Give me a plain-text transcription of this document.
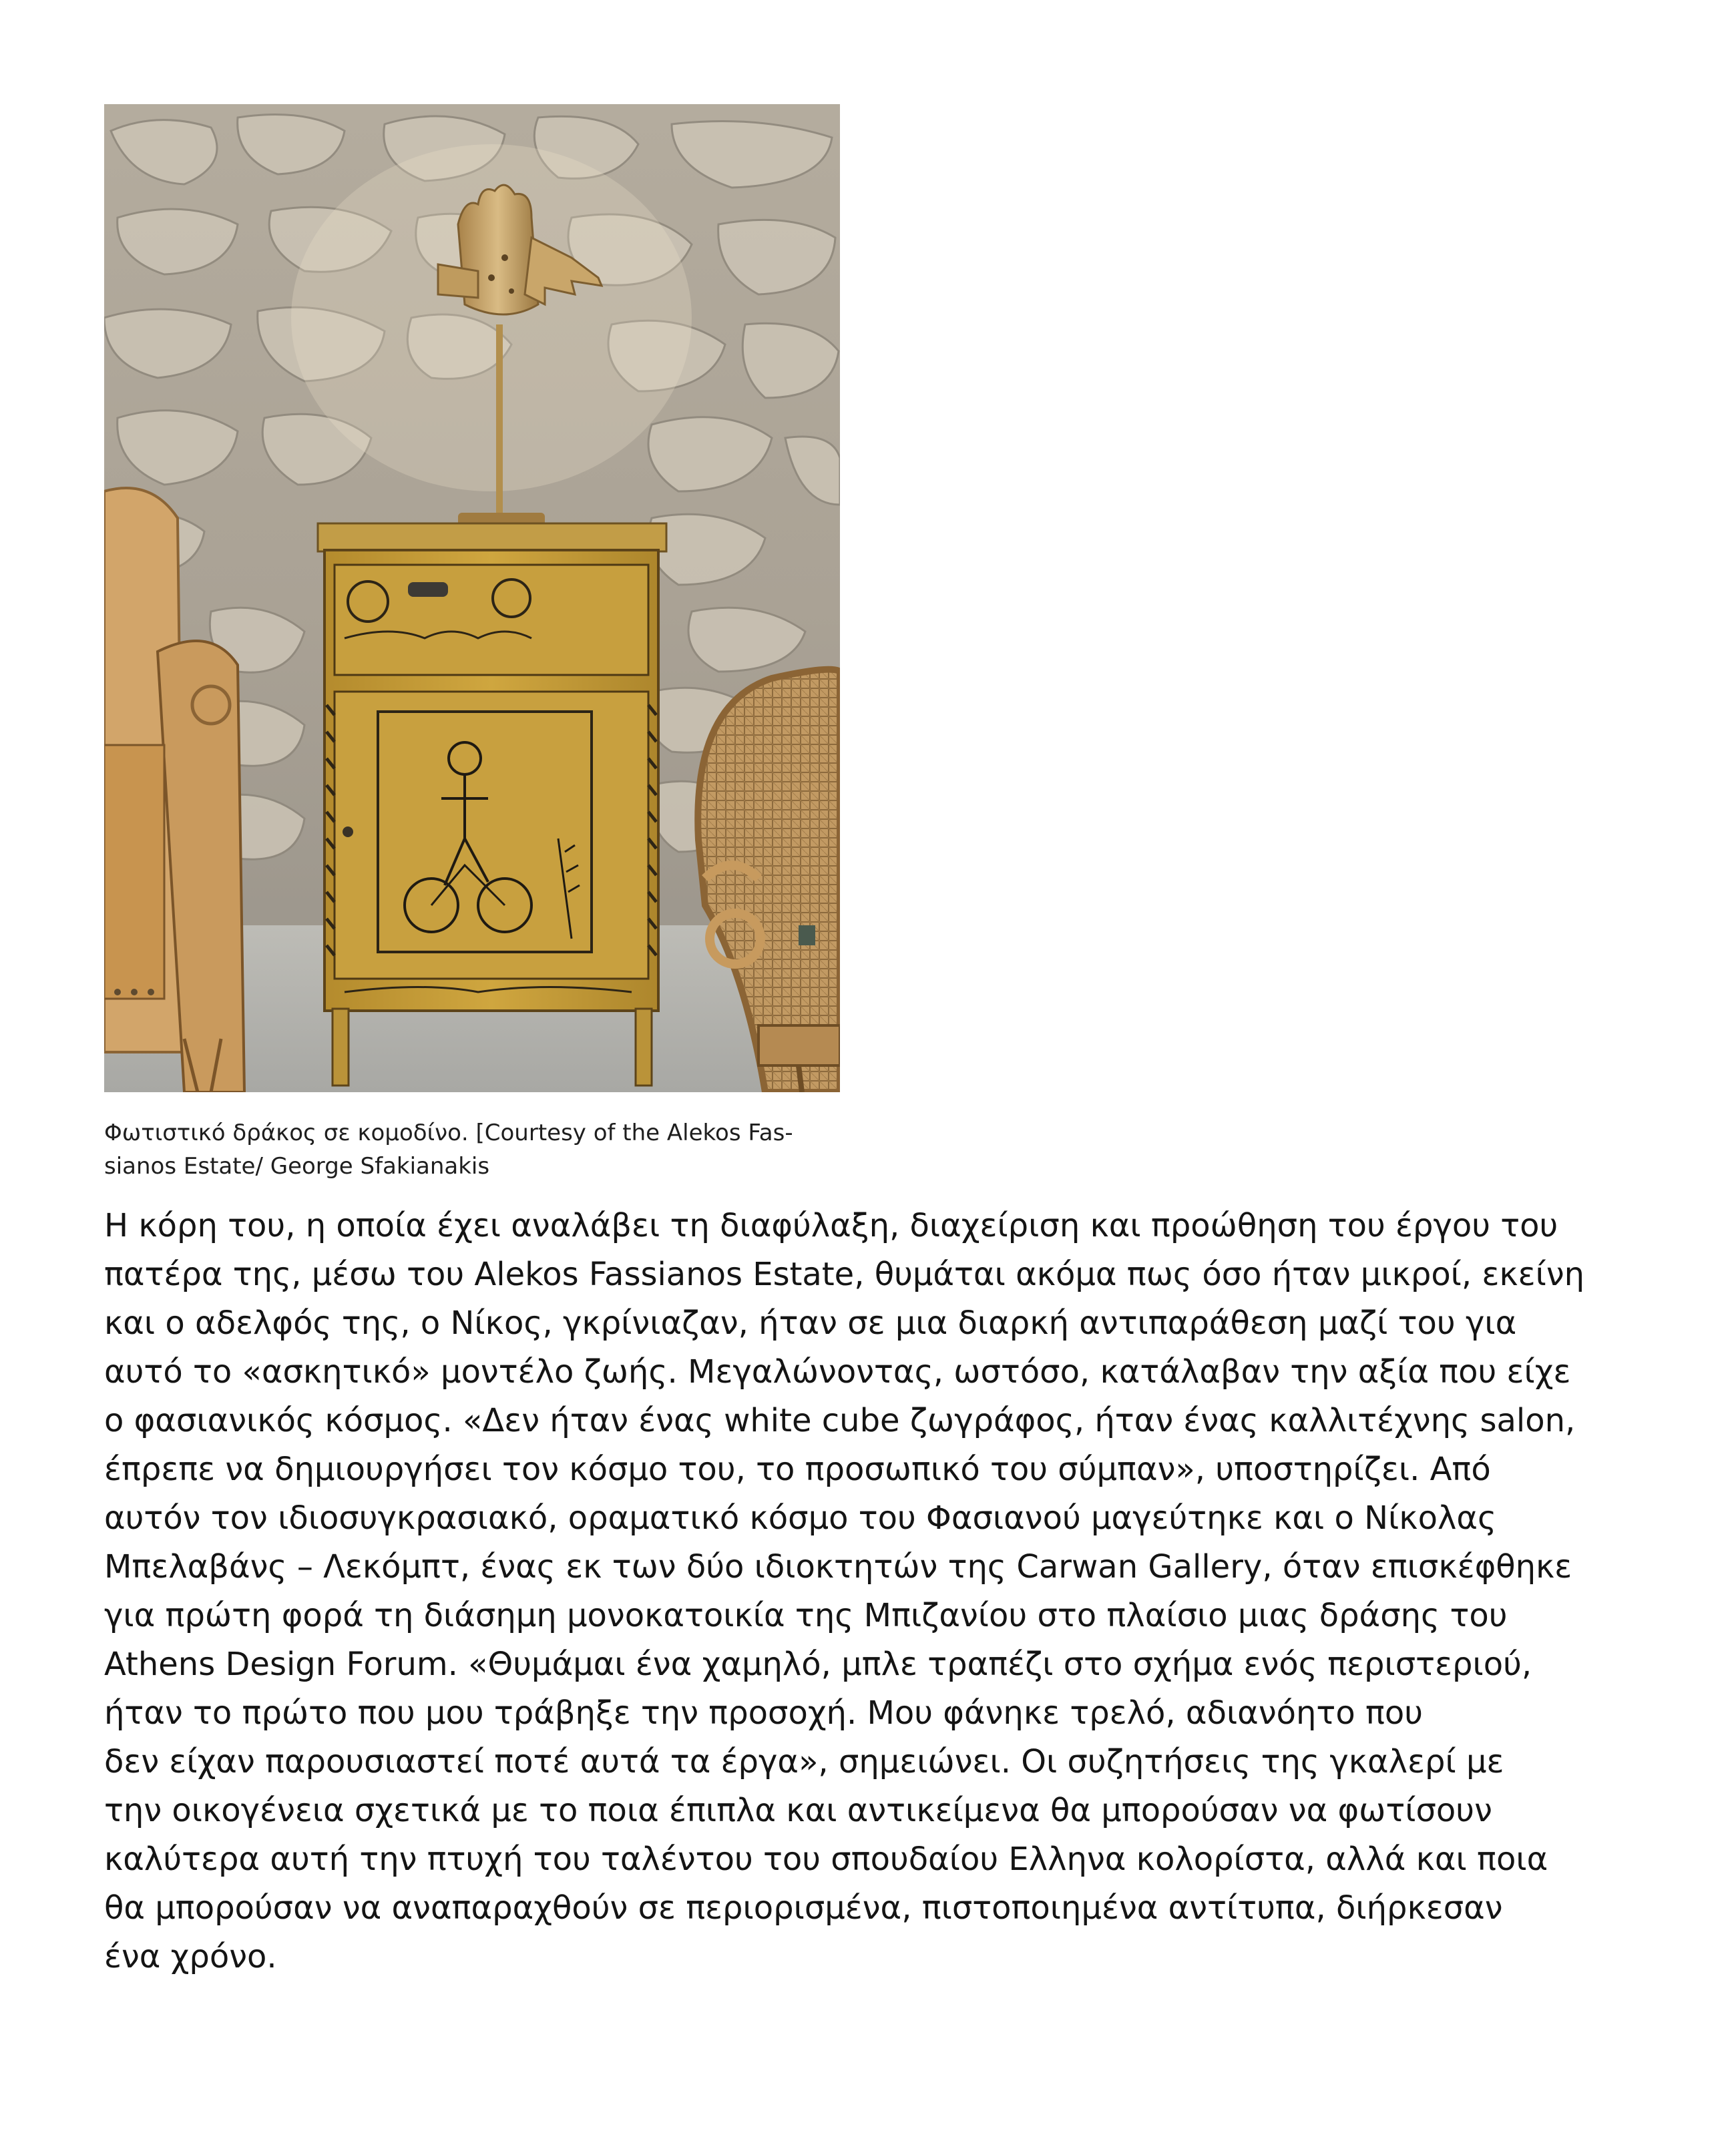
Φωτιστικό δράκος σε κομοδίνο. [Courtesy of the Alekos Fas-
sianos Estate/ George Sfakianakis

Η κόρη του, η οποία έχει αναλάβει τη διαφύλαξη, διαχείριση και προώθηση του έργου του
πατέρα της, μέσω του Alekos Fassianos Estate, θυμάται ακόμα πως όσο ήταν μικροί, εκείνη
και ο αδελφός της, ο Νίκος, γκρίνιαζαν, ήταν σε μια διαρκή αντιπαράθεση μαζί του για
αυτό το «ασκητικό» μοντέλο ζωής. Μεγαλώνοντας, ωστόσο, κατάλαβαν την αξία που είχε
ο φασιανικός κόσμος. «Δεν ήταν ένας white cube ζωγράφος, ήταν ένας καλλιτέχνης salon,
έπρεπε να δημιουργήσει τον κόσμο του, το προσωπικό του σύμπαν», υποστηρίζει. Από
αυτόν τον ιδιοσυγκρασιακό, οραματικό κόσμο του Φασιανού μαγεύτηκε και ο Νίκολας
Μπελαβάνς – Λεκόμπτ, ένας εκ των δύο ιδιοκτητών της Carwan Gallery, όταν επισκέφθηκε
για πρώτη φορά τη διάσημη μονοκατοικία της Μπιζανίου στο πλαίσιο μιας δράσης του
Athens Design Forum. «Θυμάμαι ένα χαμηλό, μπλε τραπέζι στο σχήμα ενός περιστεριού,
ήταν το πρώτο που μου τράβηξε την προσοχή. Μου φάνηκε τρελό, αδιανόητο που
δεν είχαν παρουσιαστεί ποτέ αυτά τα έργα», σημειώνει. Οι συζητήσεις της γκαλερί με
την οικογένεια σχετικά με το ποια έπιπλα και αντικείμενα θα μπορούσαν να φωτίσουν
καλύτερα αυτή την πτυχή του ταλέντου του σπουδαίου Ελληνα κολορίστα, αλλά και ποια
θα μπορούσαν να αναπαραχθούν σε περιορισμένα, πιστοποιημένα αντίτυπα, διήρκεσαν
ένα χρόνο.
